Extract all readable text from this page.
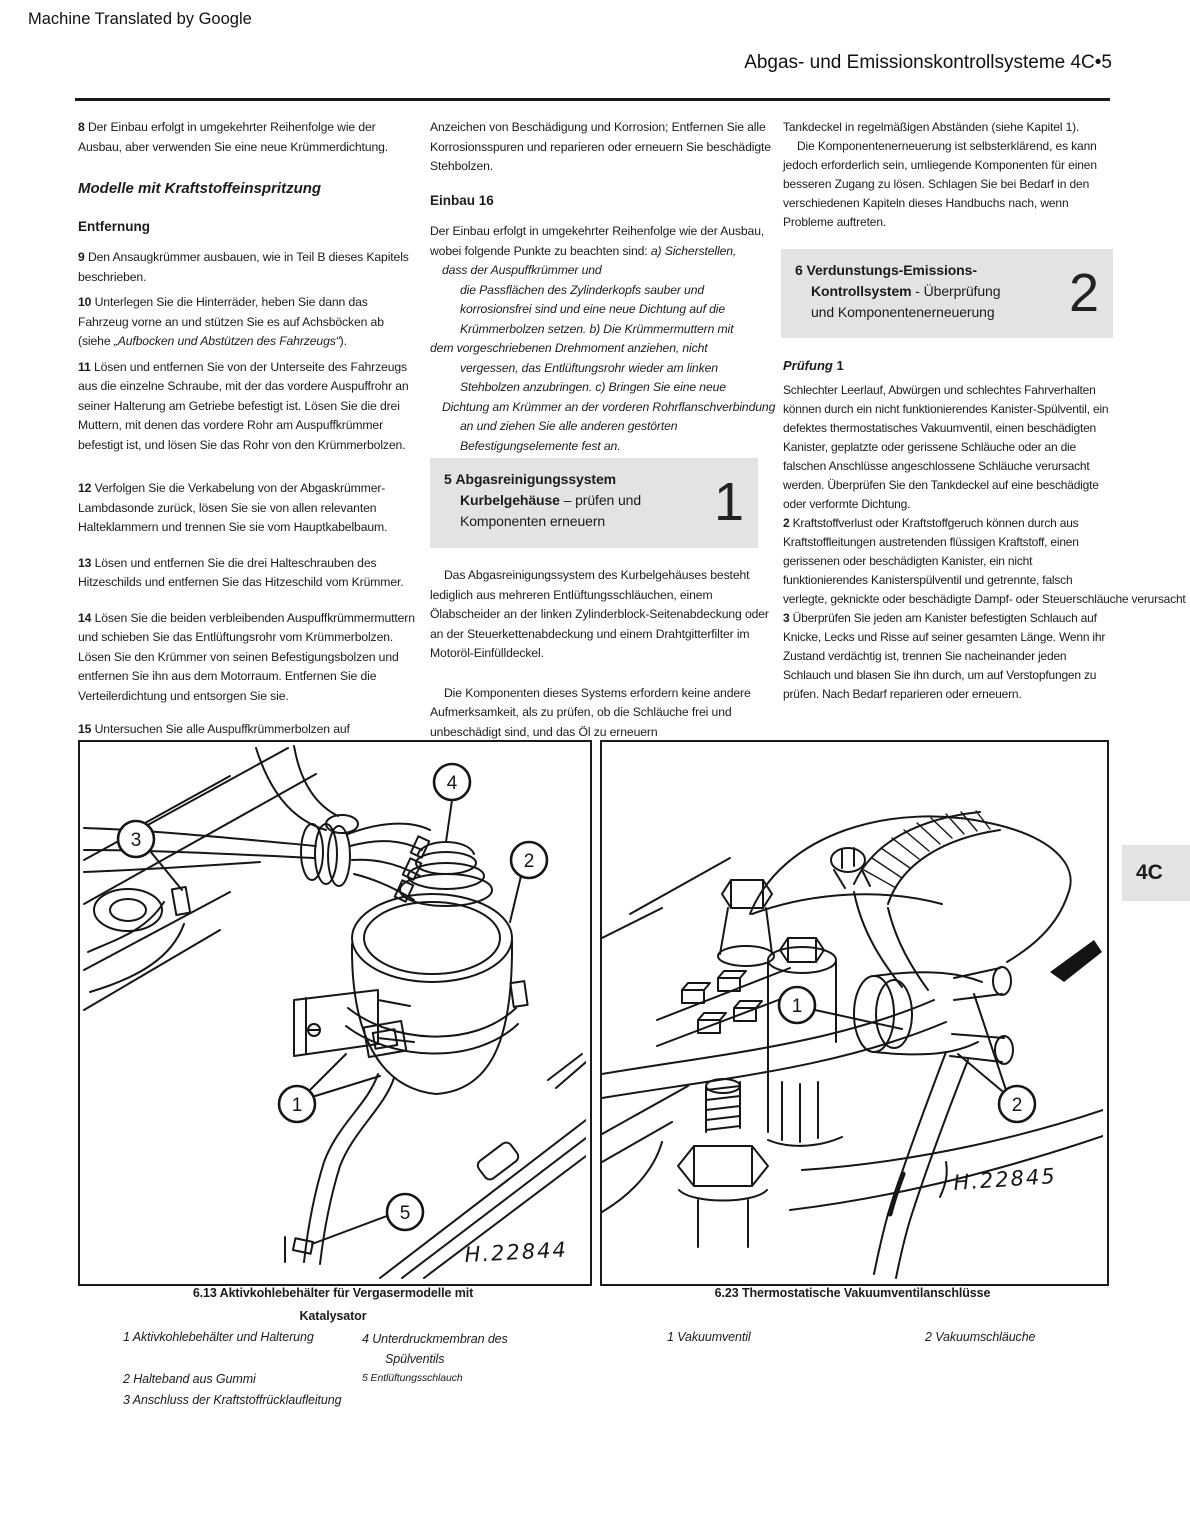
Machine Translated by Google
Abgas- und Emissionskontrollsysteme 4C•5

8 Der Einbau erfolgt in umgekehrter Reihenfolge wie der Ausbau, aber verwenden Sie eine neue Krümmerdichtung.

Modelle mit Kraftstoffeinspritzung
Entfernung

9 Den Ansaugkrümmer ausbauen, wie in Teil B dieses Kapitels beschrieben.

10 Unterlegen Sie die Hinterräder, heben Sie dann das Fahrzeug vorne an und stützen Sie es auf Achsböcken ab (siehe „Aufbocken und Abstützen des Fahrzeugs“).

11 Lösen und entfernen Sie von der Unterseite des Fahrzeugs aus die einzelne Schraube, mit der das vordere Auspuffrohr an seiner Halterung am Getriebe befestigt ist. Lösen Sie die drei Muttern, mit denen das vordere Rohr am Auspuffkrümmer befestigt ist, und lösen Sie das Rohr von den Krümmerbolzen.

12 Verfolgen Sie die Verkabelung von der Abgaskrümmer-Lambdasonde zurück, lösen Sie sie von allen relevanten Halteklammern und trennen Sie sie vom Hauptkabelbaum.

13 Lösen und entfernen Sie die drei Halteschrauben des Hitzeschilds und entfernen Sie das Hitzeschild vom Krümmer.

14 Lösen Sie die beiden verbleibenden Auspuffkrümmermuttern und schieben Sie das Entlüftungsrohr vom Krümmerbolzen. Lösen Sie den Krümmer von seinen Befestigungsbolzen und entfernen Sie ihn aus dem Motorraum. Entfernen Sie die Verteilerdichtung und entsorgen Sie sie.

15 Untersuchen Sie alle Auspuffkrümmerbolzen auf

Anzeichen von Beschädigung und Korrosion; Entfernen Sie alle Korrosionsspuren und reparieren oder erneuern Sie beschädigte Stehbolzen.

Einbau 16
Der Einbau erfolgt in umgekehrter Reihenfolge wie der Ausbau,
wobei folgende Punkte zu beachten sind: a) Sicherstellen,
dass der Auspuffkrümmer und
die Passflächen des Zylinderkopfs sauber und
korrosionsfrei sind und eine neue Dichtung auf die
Krümmerbolzen setzen. b) Die Krümmermuttern mit
dem vorgeschriebenen Drehmoment anziehen, nicht
vergessen, das Entlüftungsrohr wieder am linken
Stehbolzen anzubringen. c) Bringen Sie eine neue
Dichtung am Krümmer an der vorderen Rohrflanschverbindung
an und ziehen Sie alle anderen gestörten
Befestigungselemente fest an.
5 Abgasreinigungssystem
Kurbelgehäuse – prüfen und
Komponenten erneuern	1

Das Abgasreinigungssystem des Kurbelgehäuses besteht lediglich aus mehreren Entlüftungsschläuchen, einem Ölabscheider an der linken Zylinderblock-Seitenabdeckung oder an der Steuerkettenabdeckung und einem Drahtgitterfilter im Motoröl-Einfülldeckel.

Die Komponenten dieses Systems erfordern keine andere Aufmerksamkeit, als zu prüfen, ob die Schläuche frei und unbeschädigt sind, und das Öl zu erneuern

Tankdeckel in regelmäßigen Abständen (siehe Kapitel 1).

Die Komponentenerneuerung ist selbsterklärend, es kann jedoch erforderlich sein, umliegende Komponenten für einen besseren Zugang zu lösen. Schlagen Sie bei Bedarf in den verschiedenen Kapiteln dieses Handbuchs nach, wenn Probleme auftreten.

6 Verdunstungs-Emissions-
Kontrollsystem - Überprüfung
und Komponentenerneuerung 2
Prüfung 1

Schlechter Leerlauf, Abwürgen und schlechtes Fahrverhalten können durch ein nicht funktionierendes Kanister-Spülventil, ein defektes thermostatisches Vakuumventil, einen beschädigten Kanister, geplatzte oder gerissene Schläuche oder an die falschen Anschlüsse angeschlossene Schläuche verursacht werden. Überprüfen Sie den Tankdeckel auf eine beschädigte oder verformte Dichtung.

2 Kraftstoffverlust oder Kraftstoffgeruch können durch aus Kraftstoffleitungen austretenden flüssigen Kraftstoff, einen gerissenen oder beschädigten Kanister, ein nicht funktionierendes Kanisterspülventil und getrennte, falsch

verlegte, geknickte oder beschädigte Dampf- oder Steuerschläuche verursacht

3 Überprüfen Sie jeden am Kanister befestigten Schlauch auf Knicke, Lecks und Risse auf seiner gesamten Länge. Wenn ihr Zustand verdächtig ist, trennen Sie nacheinander jeden Schlauch und blasen Sie ihn durch, um auf Verstopfungen zu prüfen. Nach Bedarf reparieren oder erneuern.

3
4
2
1
5
H.22844
1
2
H.22845
4C
6.13 Aktivkohlebehälter für Vergasermodelle mit
Katalysator
1 Aktivkohlebehälter und Halterung	4 Unterdruckmembran des
Spülventils
2 Halteband aus Gummi	5 Entlüftungsschlauch
3 Anschluss der Kraftstoffrücklaufleitung
6.23 Thermostatische Vakuumventilanschlüsse
1 Vakuumventil	2 Vakuumschläuche
